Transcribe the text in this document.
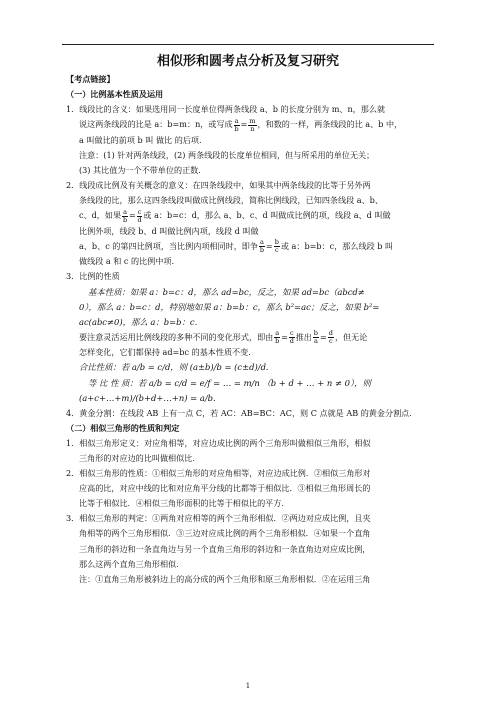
相似形和圆考点分析及复习研究

【考点链接】

（一）比例基本性质及运用

1．线段比的含义：如果选用同一长度单位得两条线段 a、b 的长度分别为 m、n，那么就

说这两条线段的比是 a：b=m：n，或写成 $\frac{a}{b} = \frac{m}{n}$ ，和数的一样，两条线段的比 a、b 中，

a 叫做比的前项 b 叫 做比 的后项.

注意：(1) 针对两条线段，(2) 两条线段的长度单位相同，但与所采用的单位无关；

(3) 其比值为一个不带单位的正数.

2．线段成比例及有关概念的意义：在四条线段中，如果其中两条线段的比等于另外两

条线段的比，那么这四条线段叫做成比例线段，简称比例线段，已知四条线段 a、b、

c、d，如果 $\frac{a}{b} = \frac{c}{d}$ 或 a：b=c：d，那么 a、b、c、d 叫做成比例的项，线段 a、d 叫做

比例外项，线段 b、d 叫做比例内项，线段 d 叫做

a、b、c 的第四比例项，当比例内项相同时，即争 $\frac{a}{b} = \frac{b}{c}$ 或 a：b=b：c，那么线段 b 叫

做线段 a 和 c 的比例中项.

3．比例的性质

基本性质：如果 a：b=c：d，那么 ad=bc，反之，如果 ad=bc（abcd≠

0），那么 a：b=c：d，特别地如果 a：b=b：c，那么 b²=ac；反之，如果 b²=

ac(abc≠0)，那么 a：b=b：c.

要注意灵活运用比例线段的多种不同的变化形式，即由 $\frac{a}{b} = \frac{c}{d}$ 推出 $\frac{b}{a} = \frac{d}{c}$ ，但无论

怎样变化，它们都保持 ad=bc 的基本性质不变.

合比性质：若 a/b = c/d，则 (a±b)/b = (c±d)/d.

等 比 性 质：若 a/b = c/d = e/f = … = m/n （b + d + … + n ≠ 0），则

(a+c+…+m)/(b+d+…+n) = a/b.

4．黄金分割：在线段 AB 上有一点 C，若 AC：AB=BC：AC，则 C 点就是 AB 的黄金分割点.

（二）相似三角形的性质和判定

1．相似三角形定义：对应角相等，对应边成比例的两个三角形叫做相似三角形，相似

三角形的对应边的比叫做相似比.

2．相似三角形的性质：①相似三角形的对应角相等，对应边成比例．②相似三角形对

应高的比，对应中线的比和对应角平分线的比都等于相似比．③相似三角形周长的

比等于相似比．④相似三角形面积的比等于相似比的平方.

3．相似三角形的判定：①两角对应相等的两个三角形相似．②两边对应成比例，且夹

角相等的两个三角形相似．③三边对应成比例的两个三角形相似．④如果一个直角

三角形的斜边和一条直角边与另一个直角三角形的斜边和一条直角边对应成比例，

那么这两个直角三角形相似.

注：①直角三角形被斜边上的高分成的两个三角形和原三角形相似．②在运用三角

1
